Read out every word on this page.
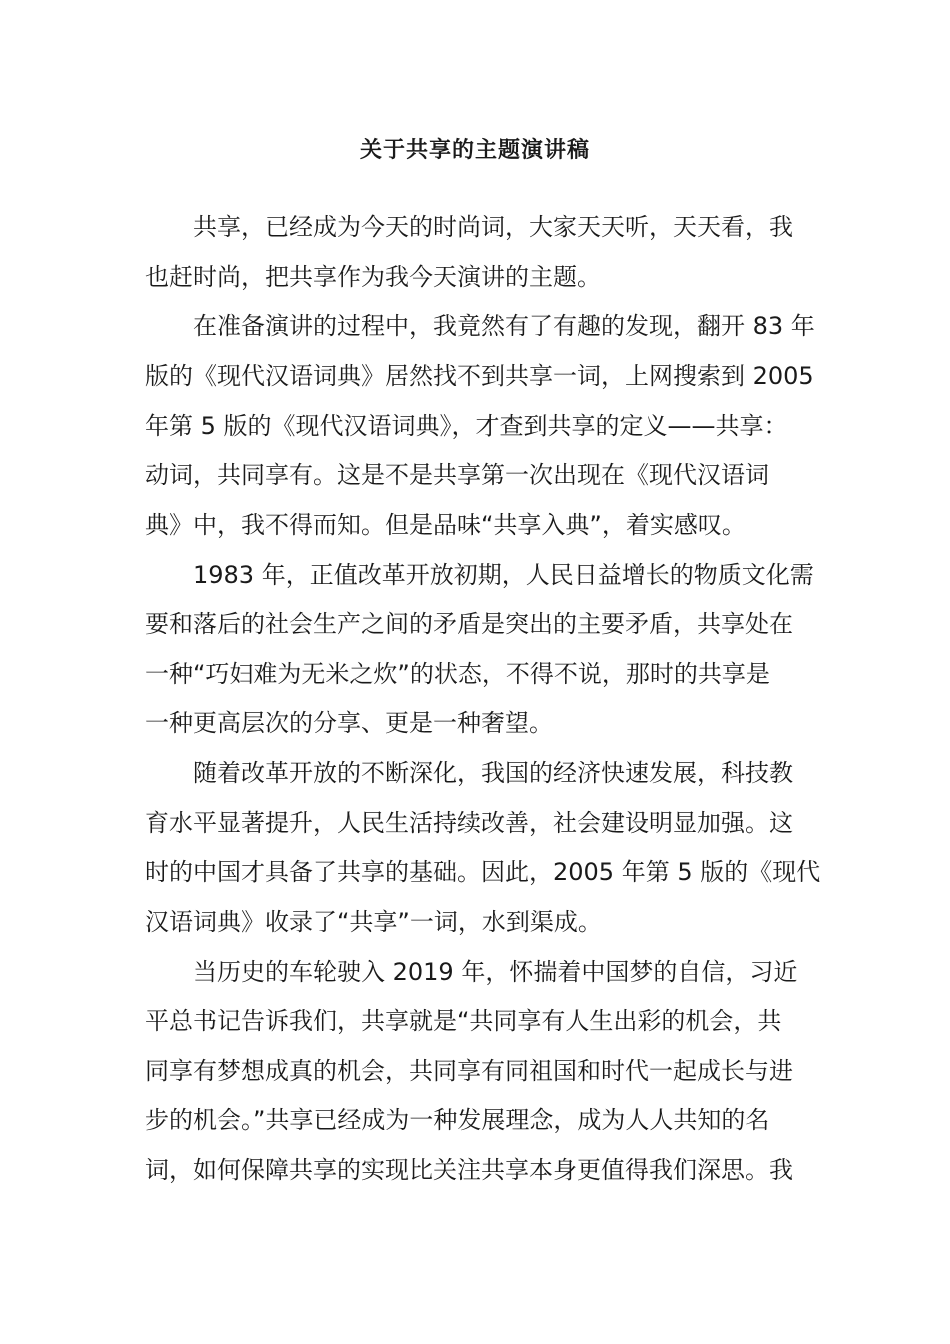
关于共享的主题演讲稿
共享，已经成为今天的时尚词，大家天天听，天天看，我
也赶时尚，把共享作为我今天演讲的主题。
在准备演讲的过程中，我竟然有了有趣的发现，翻开 83 年
版的《现代汉语词典》居然找不到共享一词，上网搜索到 2005
年第 5 版的《现代汉语词典》，才查到共享的定义——共享：
动词，共同享有。这是不是共享第一次出现在《现代汉语词
典》中，我不得而知。但是品味“共享入典”，着实感叹。
1983 年，正值改革开放初期，人民日益增长的物质文化需
要和落后的社会生产之间的矛盾是突出的主要矛盾，共享处在
一种“巧妇难为无米之炊”的状态，不得不说，那时的共享是
一种更高层次的分享、更是一种奢望。
随着改革开放的不断深化，我国的经济快速发展，科技教
育水平显著提升，人民生活持续改善，社会建设明显加强。这
时的中国才具备了共享的基础。因此，2005 年第 5 版的《现代
汉语词典》收录了“共享”一词，水到渠成。
当历史的车轮驶入 2019 年，怀揣着中国梦的自信，习近
平总书记告诉我们，共享就是“共同享有人生出彩的机会，共
同享有梦想成真的机会，共同享有同祖国和时代一起成长与进
步的机会。”共享已经成为一种发展理念，成为人人共知的名
词，如何保障共享的实现比关注共享本身更值得我们深思。我
